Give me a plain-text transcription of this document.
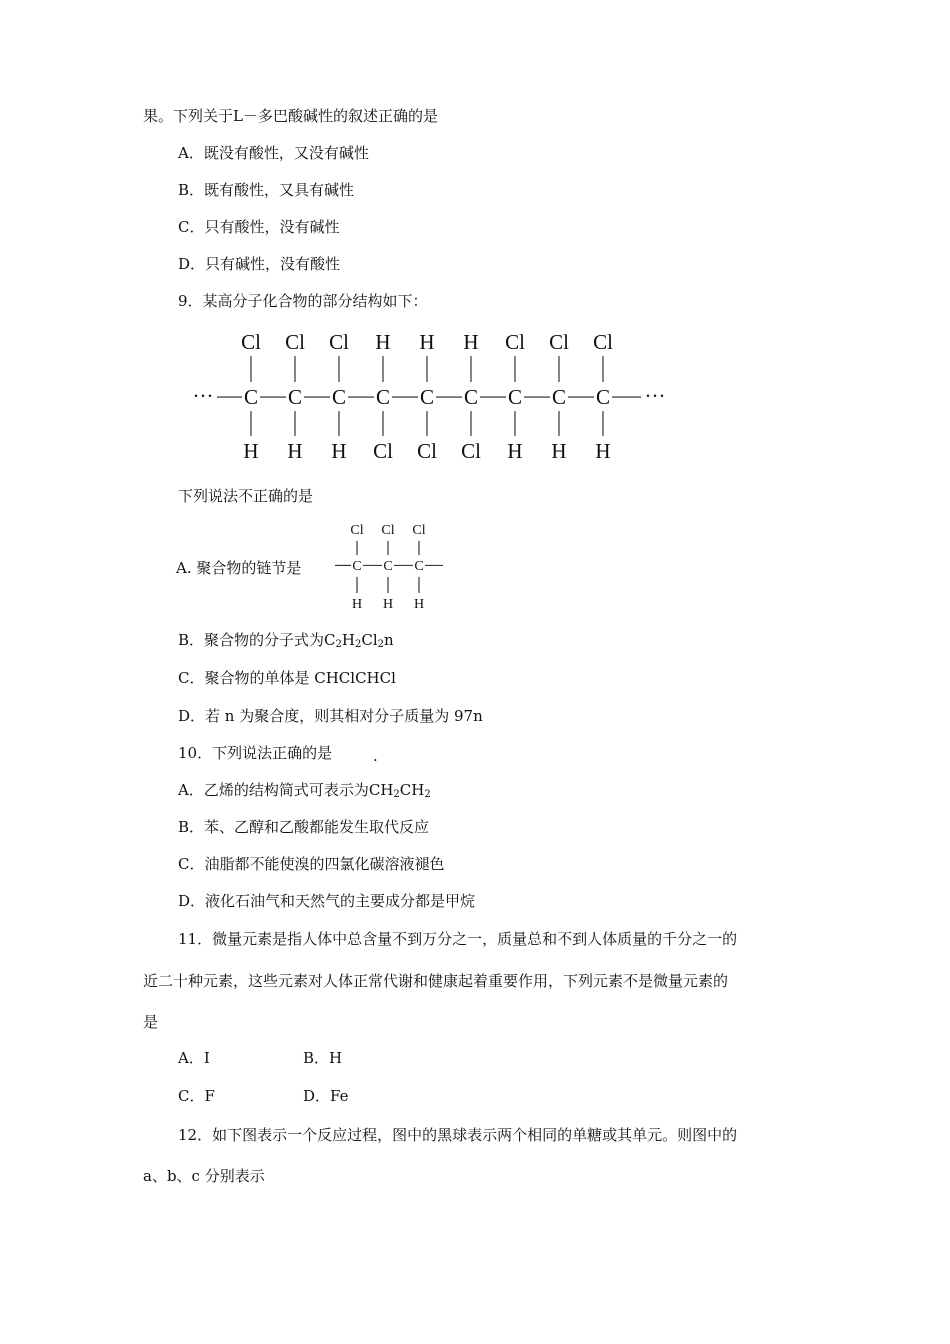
果。下列关于L－多巴酸碱性的叙述正确的是
A．既没有酸性，又没有碱性
B．既有酸性，又具有碱性
C．只有酸性，没有碱性
D．只有碱性，没有酸性
9．某高分子化合物的部分结构如下：
Cl
C
H
Cl
C
H
Cl
C
H
H
C
Cl
H
C
Cl
H
C
Cl
Cl
C
H
Cl
C
H
Cl
C
H
···	···
下列说法不正确的是
A. 聚合物的链节是
Cl
C
H
Cl
C
H
Cl
C
H
B．聚合物的分子式为$C_2H_2Cl_2n$
C．聚合物的单体是 CHClCHCl
D．若 n 为聚合度，则其相对分子质量为 97n
10．下列说法正确的是	.
A．乙烯的结构简式可表示为$CH_2CH_2$
B．苯、乙醇和乙酸都能发生取代反应
C．油脂都不能使溴的四氯化碳溶液褪色
D．液化石油气和天然气的主要成分都是甲烷
11．微量元素是指人体中总含量不到万分之一，质量总和不到人体质量的千分之一的
近二十种元素，这些元素对人体正常代谢和健康起着重要作用，下列元素不是微量元素的
是
A．I	B．H
C．F	D．Fe
12．如下图表示一个反应过程，图中的黑球表示两个相同的单糖或其单元。则图中的
a、b、c 分别表示
